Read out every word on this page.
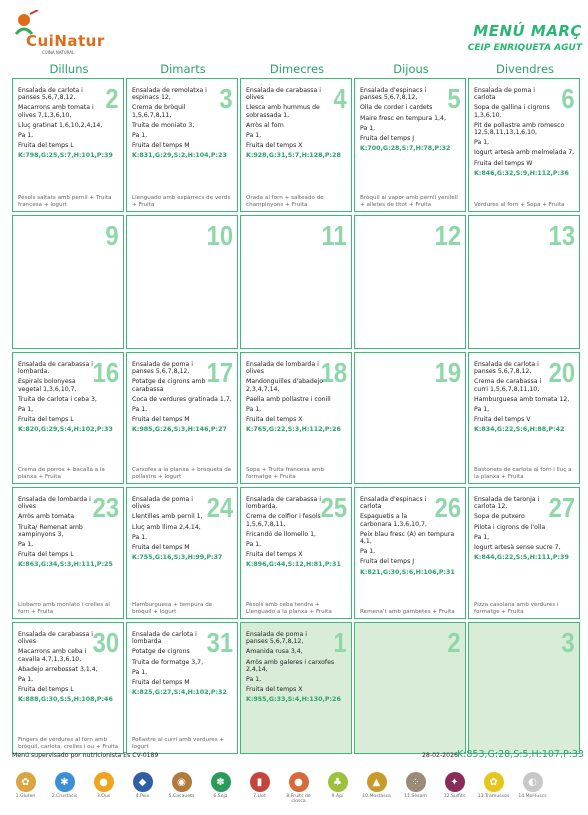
CuiNatur
CUINA NATURAL
MENÚ MARÇ
CEIP ENRIQUETA AGUT
Dilluns	Dimarts	Dimecres	Dijous	Divendres
2

Ensalada de carlota i panses 5,6,7,8,12,

Macarrons amb tomata i olives 7,1,3,6,10,

Lluç gratinat 1,6,10,2,4,14,

Pa 1,

Fruita del temps L

K:798,G:25,S:7,H:101,P:39

Pèsols saltats amb pernil + Truita francesa + Iogurt
3

Ensalada de remolatxa i espinacs 12,

Crema de bròquil 1,5,6,7,8,11,

Truita de moniato 3,

Pa 1,

Fruita del temps M

K:831,G:29,S:2,H:104,P:23

Llenguado amb espàrrecs de verds + Fruita
4

Ensalada de carabassa i olives

Llesca amb hummus de sobrassada 1,

Arròs al forn

Pa 1,

Fruita del temps X

K:928,G:31,S:7,H:128,P:28

Orada al forn + salteado de champinyons + Fruita
5

Ensalada d'espinacs i panses 5,6,7,8,12,

Olla de corder i cardets

Maire fresc en tempura 1,4,

Pa 1,

Fruita del temps J

K:700,G:28,S:7,H:78,P:32

Bròquil al vapor amb pernil yenilell + alletes de titot + Fruita
6

Ensalada de poma i carlota

Sopa de gallina i cigrons 1,3,6,10,

Pit de pollastre amb romesco 12,5,8,11,13,1,6,10,

Pa 1,

Iogurt artesà amb melmelada 7,

Fruita del temps W

K:846,G:32,S:9,H:112,P:36

Verdures al forn + Sopa + Fruita
9	10	11	12	13
16

Ensalada de carabassa i lombarda.

Espirals bolonyesa vegetal 1,3,6,10,7,

Truita de carlota i ceba 3,

Pa 1,

Fruita del temps L

K:820,G:29,S:4,H:102,P:33

Crema de porros + bacallà a la planxa + Fruita
17

Ensalada de poma i panses 5,6,7,8,12,

Potatge de cigrons amb carabassa

Coca de verdures gratinada 1,7,

Pa 1,

Fruita del temps M

K:985,G:26,S:3,H:146,P:27

Carxofes a la planxa + broqueta de pollastre + Iogurt
18

Ensalada de lombarda i olives

Mandonguilles d'abadejo 2,3,4,7,14,

Paella amb pollastre i conill

Pa 1,

Fruita del temps X

K:765,G:22,S:3,H:112,P:26

Sopa + Truita francesa amb formatge + Fruita
19	20

Ensalada de carlota i panses 5,6,7,8,12,

Crema de carabassa i curri 1,5,6,7,8,11,10,

Hamburguesa amb tomata 12,

Pa 1,

Fruita del temps V

K:834,G:22,S:6,H:88,P:42

Bastonets de carlota al forn i lluç a la planxa + Fruita
23

Ensalada de lombarda i olives

Arròs amb tomata

Truita/ Remenat amb xampinyons 3,

Pa 1,

Fruita del temps L

K:863,G:34,S:3,H:111,P:25

Llobarro amb moniato i crelles al forn + Fruita
24

Ensalada de poma i olives

Llentilles amb pernil 1,

Lluç amb llima 2,4,14,

Pa 1,

Fruita del temps M

K:755,G:16,S:3,H:99,P:37

Hamburguesa + tempura de bròquil + Iogurt
25

Ensalada de carabassa i lombarda.

Crema de colfior i fesols 1,5,6,7,8,11,

Fricandó de llomello 1,

Pa 1,

Fruita del temps X

K:896,G:44,S:12,H:81,P:31

Pèsols amb ceba tendra + Llenguado a la planxa + Fruita
26

Ensalada d'espinacs i carlota

Espaguetis a la carbonara 1,3,6,10,7,

Peix blau fresc (A) en tempura 4,1,

Pa 1,

Fruita del temps J

K:821,G:30,S:6,H:106,P:31

Remena't amb gambetes + Fruita
27

Ensalada de taronja i carlota 12,

Sopa de putxero

Pilota i cigrons de l'olla

Pa 1,

Iogurt artesà sense sucre 7,

K:844,G:22,S:5,H:111,P:39

Pizza casolana amb verdures i formatge + Fruita
30

Ensalada de carabassa i olives

Macarrons amb ceba i cavalla 4,7,1,3,6,10,

Abadejo arrebossat 3,1,4,

Pa 1,

Fruita del temps L

K:888,G:30,S:5,H:108,P:46

Fingers de verdures al forn amb bròquil, carlota, crelles i ou + Fruita
31

Ensalada de carlota i lombarda

Potatge de cigrons

Truita de formatge 3,7,

Pa 1,

Fruita del temps M

K:825,G:27,S:4,H:102,P:32

Pollastre al curri amb verdures + Iogurt
1

Ensalada de poma i panses 5,6,7,8,12,

Amanida rusa 3,4,

Arròs amb galeres i carxofes 2,4,14,

Pa 1,

Fruita del temps X

K:955,G:33,S:4,H:130,P:26

2	3
Menú supervisado por nutricionista Es CV-0189	28-02-2026
K:853,G:28,S:5,H:107,P:33
✿
1.Gluten
✱
2.Crustacis
●
3.Ous
◆
4.Peix
◉
5.Cacauets
✽
6.Soja
▮
7.Llet
●
8.Fruits de closca
♣
9.Api
▲
10.Mostassa
⁘
11.Sèsam
✦
12.Sulfits
✿
13.Tramussos
◐
14.Mol·luscs
